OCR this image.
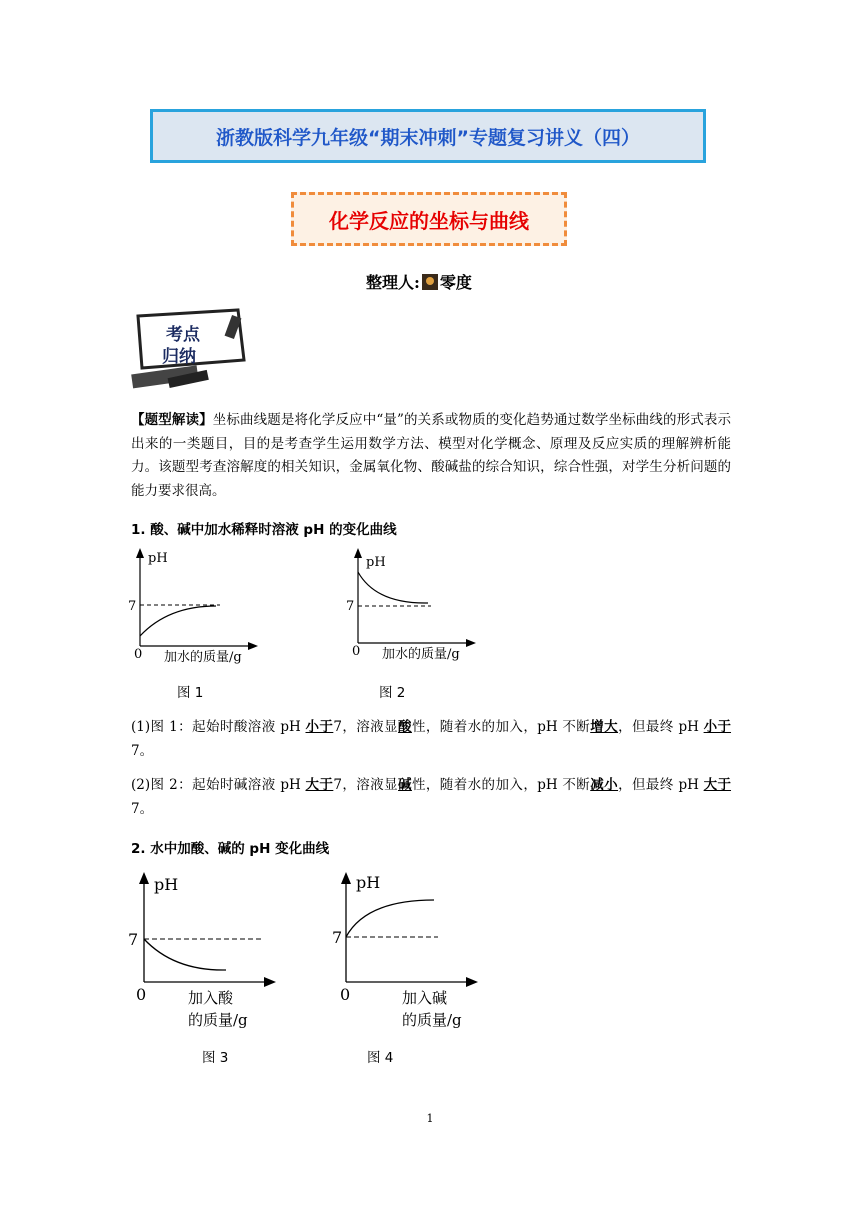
浙教版科学九年级“期末冲刺”专题复习讲义（四）
化学反应的坐标与曲线
整理人: 零度
考点
归纳
【题型解读】坐标曲线题是将化学反应中“量”的关系或物质的变化趋势通过数学坐标曲线的形式表示出来的一类题目，目的是考查学生运用数学方法、模型对化学概念、原理及反应实质的理解辨析能力。该题型考查溶解度的相关知识，金属氧化物、酸碱盐的综合知识，综合性强，对学生分析问题的能力要求很高。
1. 酸、碱中加水稀释时溶液 pH 的变化曲线
pH
7
0 加水的质量/g
图 1
pH
7
0 加水的质量/g
图 2
(1)图 1：起始时酸溶液 pH 小于7，溶液显酸性，随着水的加入，pH 不断增大，但最终 pH 小于7。
(2)图 2：起始时碱溶液 pH 大于7，溶液显碱性，随着水的加入，pH 不断减小，但最终 pH 大于7。
2. 水中加酸、碱的 pH 变化曲线
pH
7
0	加入酸
的质量/g
图 3
pH
7
0	加入碱
的质量/g
图 4
1
